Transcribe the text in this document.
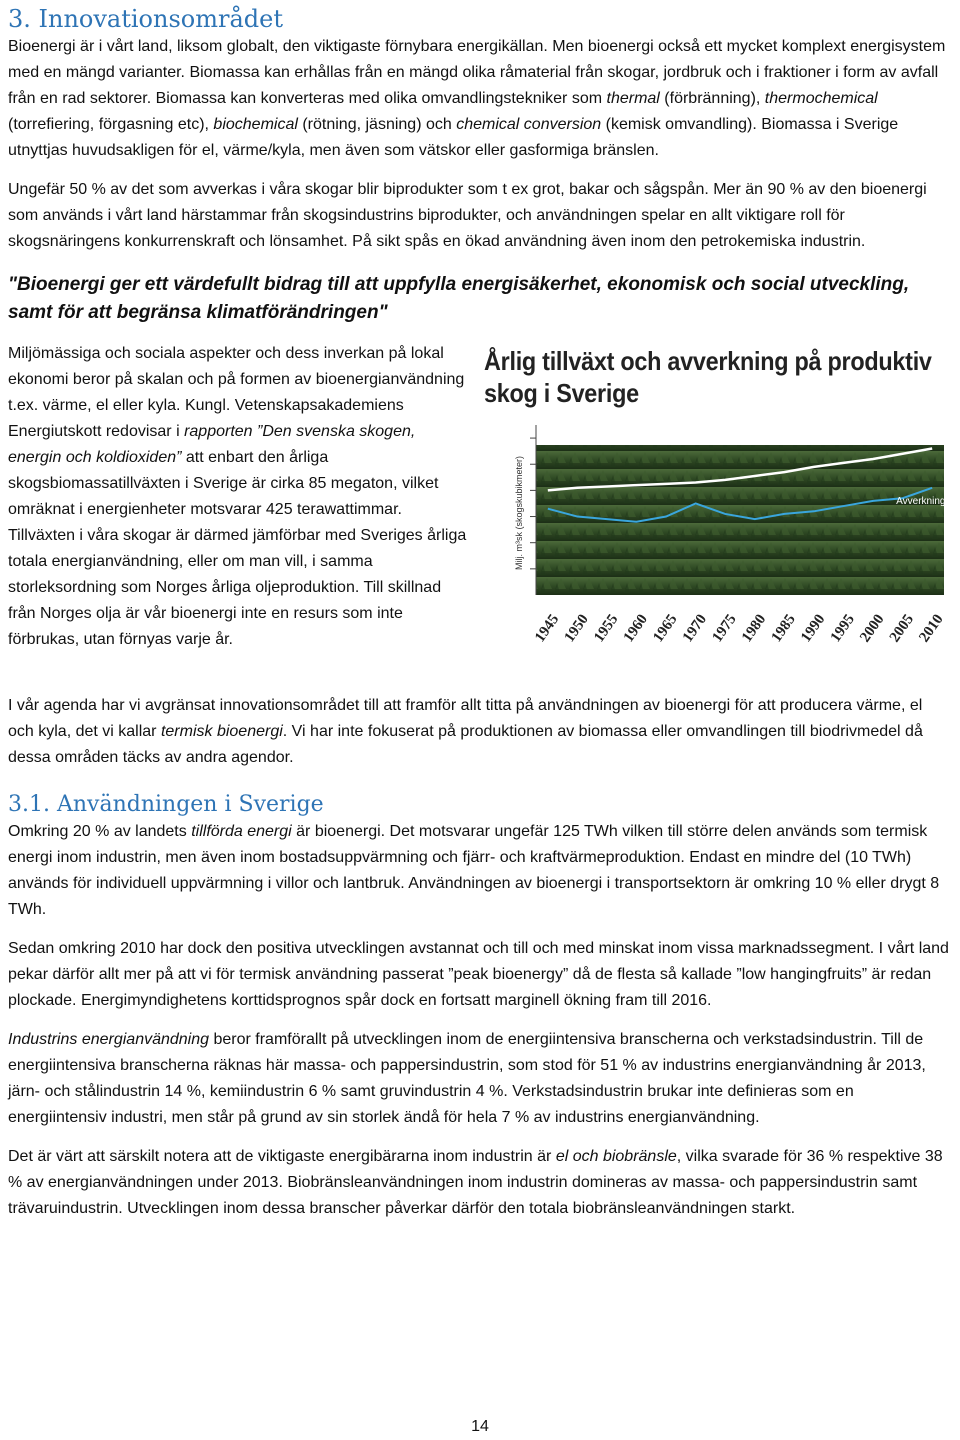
3. Innovationsområdet

Bioenergi är i vårt land, liksom globalt, den viktigaste förnybara energikällan. Men bioenergi också ett mycket komplext energisystem med en mängd varianter. Biomassa kan erhållas från en mängd olika råmaterial från skogar, jordbruk och i fraktioner i form av avfall från en rad sektorer. Biomassa kan konverteras med olika omvandlingstekniker som thermal (förbränning), thermochemical (torrefiering, förgasning etc), biochemical (rötning, jäsning) och chemical conversion (kemisk omvandling). Biomassa i Sverige utnyttjas huvudsakligen för el, värme/kyla, men även som vätskor eller gasformiga bränslen.

Ungefär 50 % av det som avverkas i våra skogar blir biprodukter som t ex grot, bakar och sågspån. Mer än 90 % av den bioenergi som används i vårt land härstammar från skogsindustrins biprodukter, och användningen spelar en allt viktigare roll för skogsnäringens konkurrenskraft och lönsamhet. På sikt spås en ökad användning även inom den petrokemiska industrin.

"Bioenergi ger ett värdefullt bidrag till att uppfylla energisäkerhet, ekonomisk och social utveckling, samt för att begränsa klimatförändringen"

Miljömässiga och sociala aspekter och dess inverkan på lokal ekonomi beror på skalan och på formen av bioenergianvändning t.ex. värme, el eller kyla. Kungl. Vetenskapsakademiens Energiutskott redovisar i rapporten ”Den svenska skogen, energin och koldioxiden” att enbart den årliga skogsbiomassatillväxten i Sverige är cirka 85 megaton, vilket omräknat i energienheter motsvarar 425 terawattimmar. Tillväxten i våra skogar är därmed jämförbar med Sveriges årliga totala energianvändning, eller om man vill, i samma storleksordning som Norges årliga oljeproduktion. Till skillnad från Norges olja är vår bioenergi inte en resurs som inte förbrukas, utan förnyas varje år.

Årlig tillväxt och avverkning på produktiv skog i Sverige
Milj. m³sk (skogskubikmeter)
Tillväxt
Avverkning
1945 1950 1955 1960 1965 1970 1975 1980 1985 1990 1995 2000 2005 2010

I vår agenda har vi avgränsat innovationsområdet till att framför allt titta på användningen av bioenergi för att producera värme, el och kyla, det vi kallar termisk bioenergi. Vi har inte fokuserat på produktionen av biomassa eller omvandlingen till biodrivmedel då dessa områden täcks av andra agendor.

3.1. Användningen i Sverige

Omkring 20 % av landets tillförda energi är bioenergi. Det motsvarar ungefär 125 TWh vilken till större delen används som termisk energi inom industrin, men även inom bostadsuppvärmning och fjärr- och kraftvärmeproduktion. Endast en mindre del (10 TWh) används för individuell uppvärmning i villor och lantbruk. Användningen av bioenergi i transportsektorn är omkring 10 % eller drygt 8 TWh.

Sedan omkring 2010 har dock den positiva utvecklingen avstannat och till och med minskat inom vissa marknadssegment. I vårt land pekar därför allt mer på att vi för termisk användning passerat ”peak bioenergy” då de flesta så kallade ”low hangingfruits” är redan plockade. Energimyndighetens korttidsprognos spår dock en fortsatt marginell ökning fram till 2016.

Industrins energianvändning beror framförallt på utvecklingen inom de energiintensiva branscherna och verkstadsindustrin. Till de energiintensiva branscherna räknas här massa- och pappersindustrin, som stod för 51 % av industrins energianvändning år 2013, järn- och stålindustrin 14 %, kemiindustrin 6 % samt gruvindustrin 4 %. Verkstadsindustrin brukar inte definieras som en energiintensiv industri, men står på grund av sin storlek ändå för hela 7 % av industrins energianvändning.

Det är värt att särskilt notera att de viktigaste energibärarna inom industrin är el och biobränsle, vilka svarade för 36 % respektive 38 % av energianvändningen under 2013. Biobränsleanvändningen inom industrin domineras av massa- och pappersindustrin samt trävaruindustrin. Utvecklingen inom dessa branscher påverkar därför den totala biobränsleanvändningen starkt.

14
